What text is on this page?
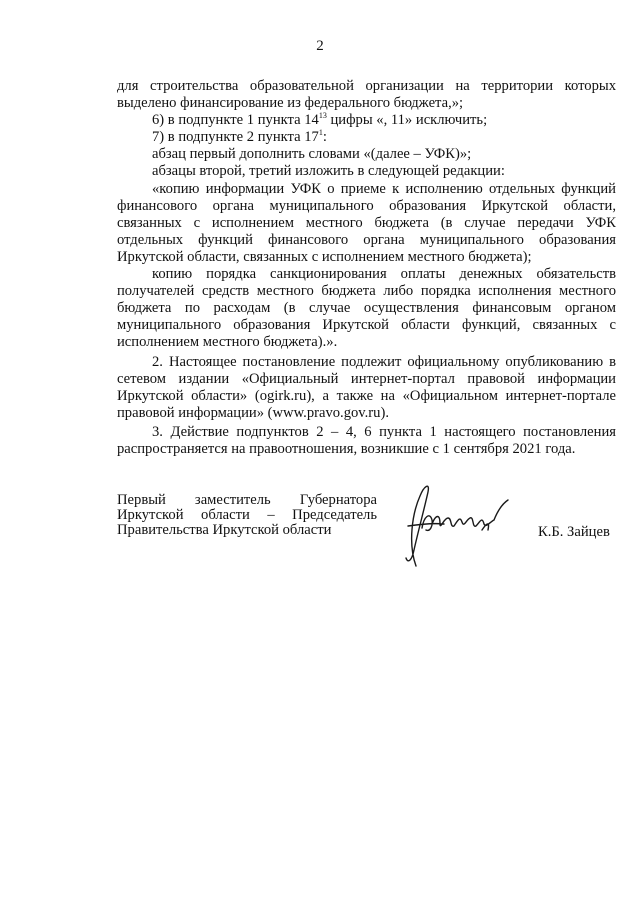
2

для строительства образовательной организации на территории которых выделено финансирование из федерального бюджета,»;

6) в подпункте 1 пункта $14^{13}$ цифры «, 11» исключить;

7) в подпункте 2 пункта $17^1$:

абзац первый дополнить словами «(далее – УФК)»;

абзацы второй, третий изложить в следующей редакции:

«копию информации УФК о приеме к исполнению отдельных функций финансового органа муниципального образования Иркутской области, связанных с исполнением местного бюджета (в случае передачи УФК отдельных функций финансового органа муниципального образования Иркутской области, связанных с исполнением местного бюджета);

копию порядка санкционирования оплаты денежных обязательств получателей средств местного бюджета либо порядка исполнения местного бюджета по расходам (в случае осуществления финансовым органом муниципального образования Иркутской области функций, связанных с исполнением местного бюджета).».

2. Настоящее постановление подлежит официальному опубликованию в сетевом издании «Официальный интернет-портал правовой информации Иркутской области» (ogirk.ru), а также на «Официальном интернет-портале правовой информации» (www.pravo.gov.ru).

3. Действие подпунктов 2 – 4, 6 пункта 1 настоящего постановления распространяется на правоотношения, возникшие с 1 сентября 2021 года.

Первый заместитель Губернатора
Иркутской области – Председатель
Правительства Иркутской области	К.Б. Зайцев
